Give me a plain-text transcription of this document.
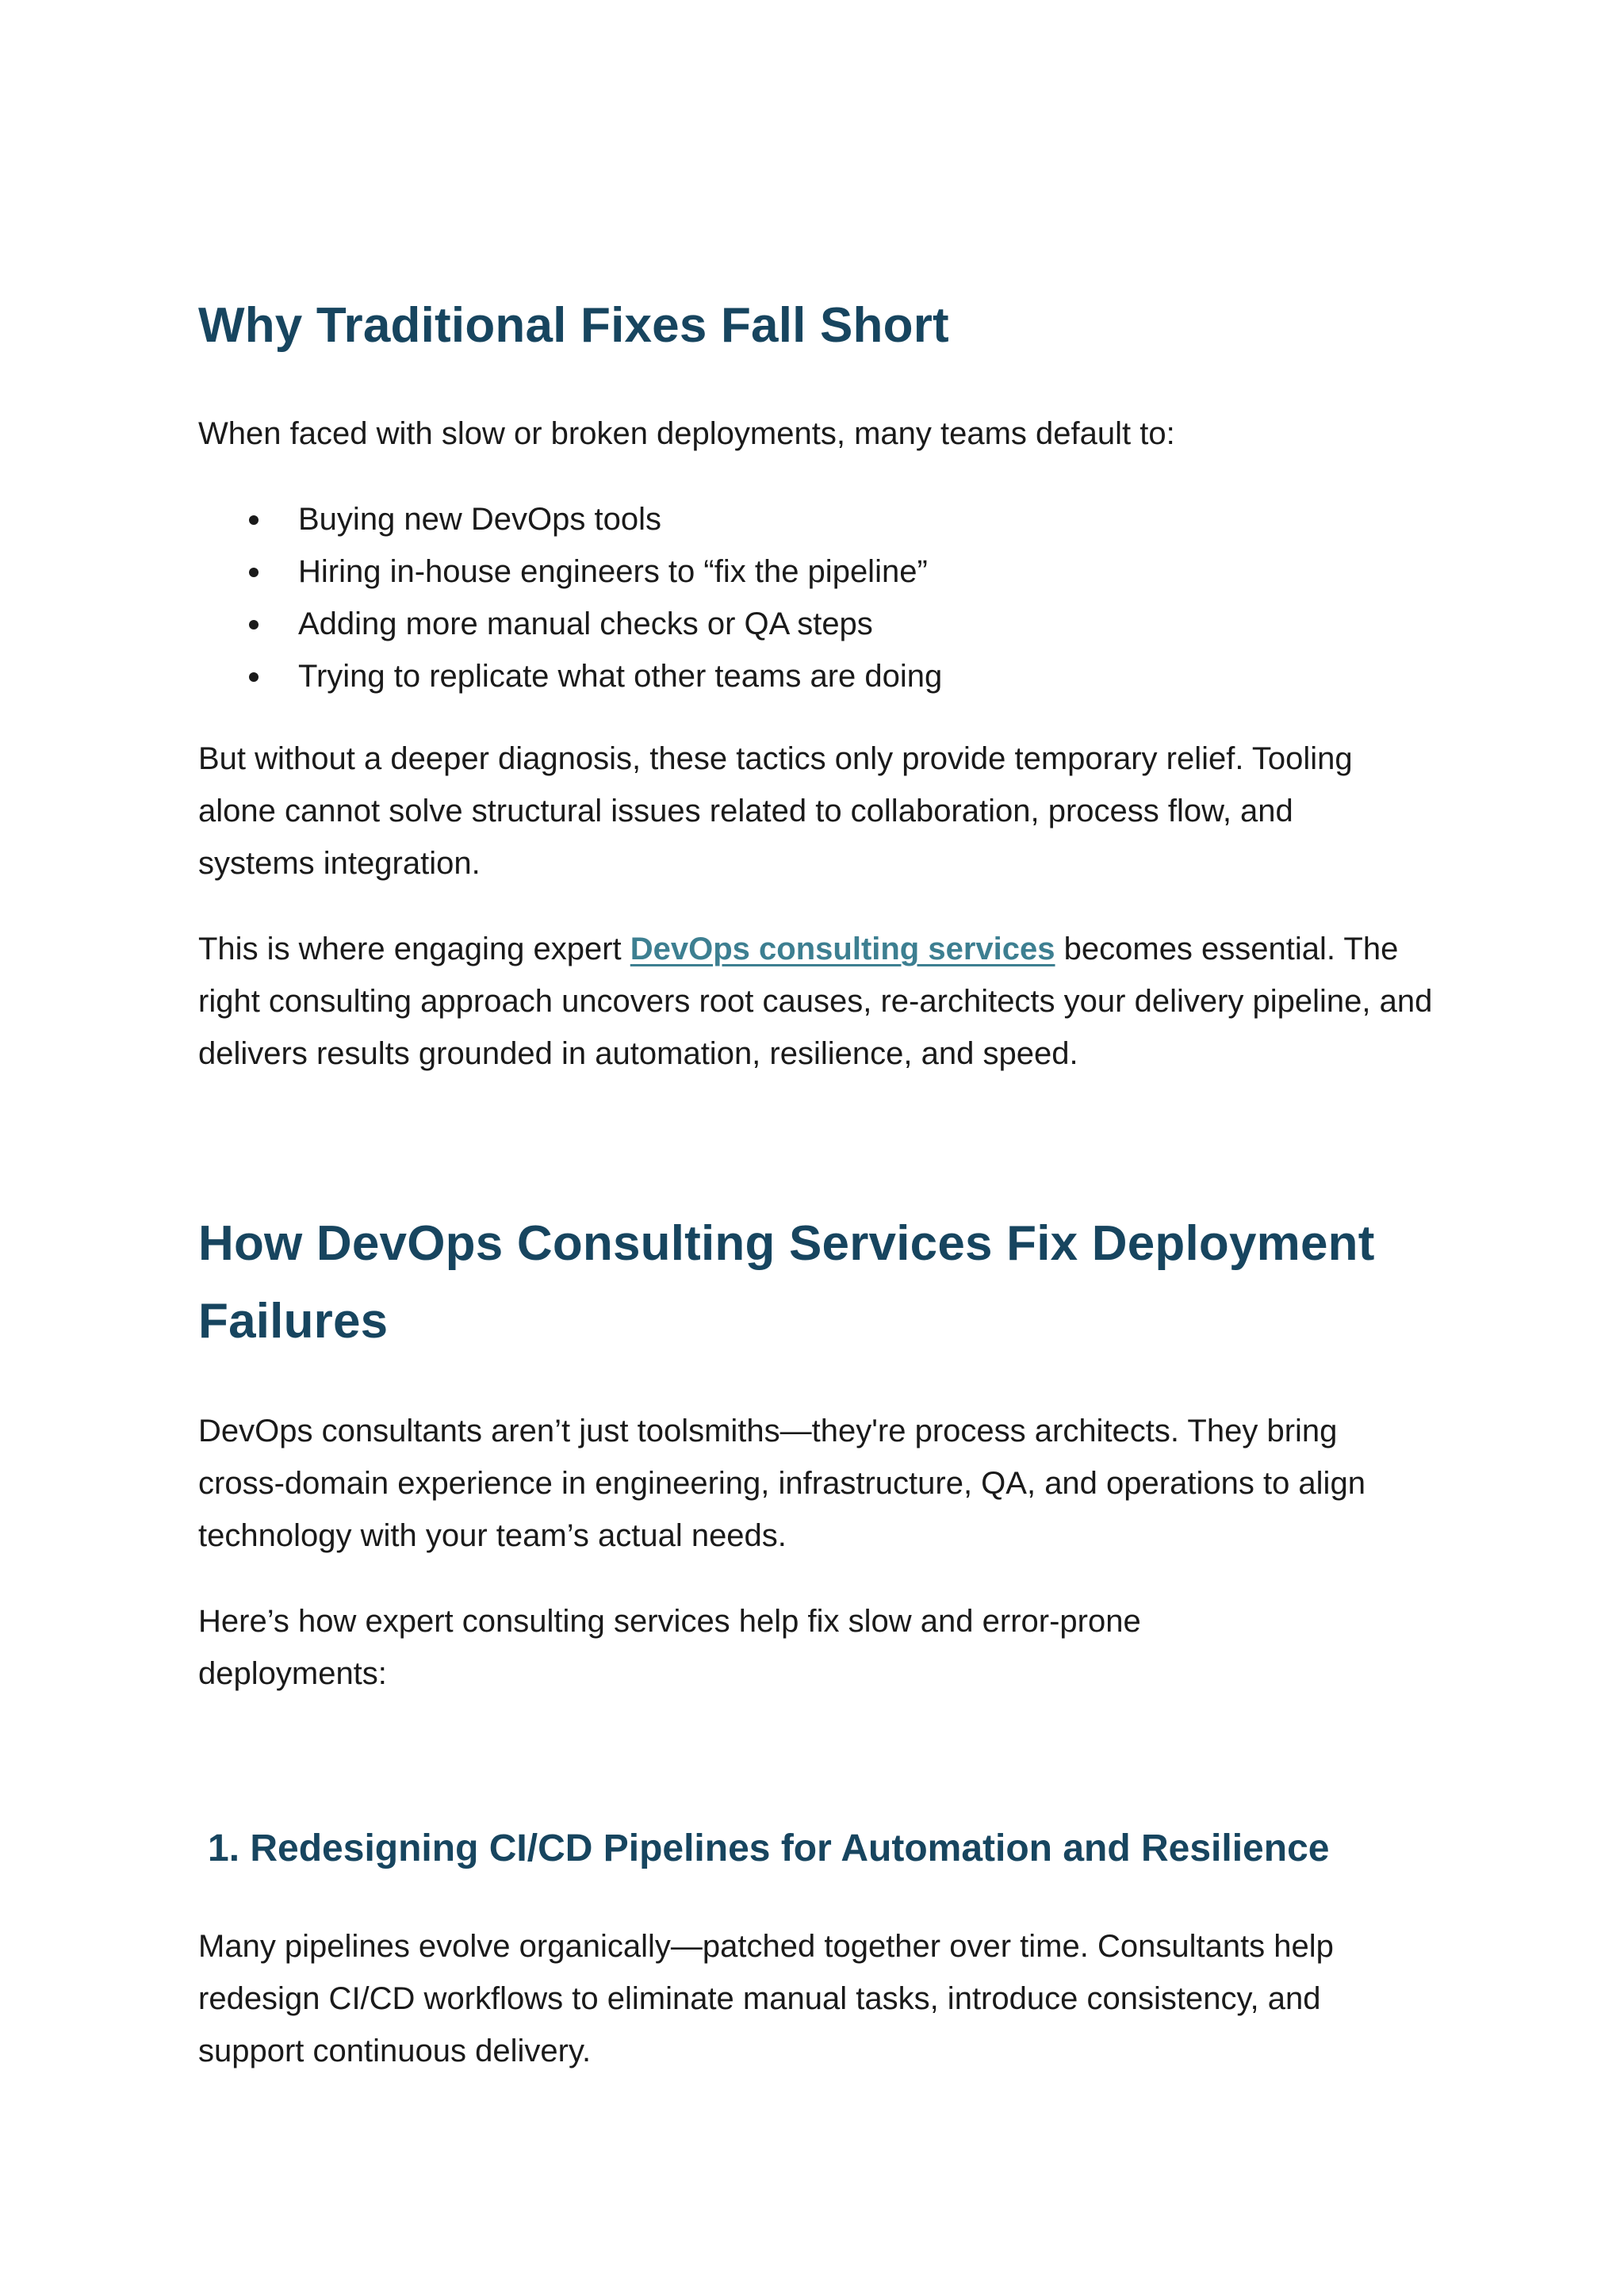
Why Traditional Fixes Fall Short

When faced with slow or broken deployments, many teams default to:

Buying new DevOps tools
Hiring in-house engineers to “fix the pipeline”
Adding more manual checks or QA steps
Trying to replicate what other teams are doing

But without a deeper diagnosis, these tactics only provide temporary relief. Tooling alone cannot solve structural issues related to collaboration, process flow, and systems integration.

This is where engaging expert DevOps consulting services becomes essential. The right consulting approach uncovers root causes, re-architects your delivery pipeline, and delivers results grounded in automation, resilience, and speed.

How DevOps Consulting Services Fix Deployment Failures

DevOps consultants aren’t just toolsmiths—they're process architects. They bring cross-domain experience in engineering, infrastructure, QA, and operations to align technology with your team’s actual needs.

Here’s how expert consulting services help fix slow and error-prone deployments:

1. Redesigning CI/CD Pipelines for Automation and Resilience

Many pipelines evolve organically—patched together over time. Consultants help redesign CI/CD workflows to eliminate manual tasks, introduce consistency, and support continuous delivery.
